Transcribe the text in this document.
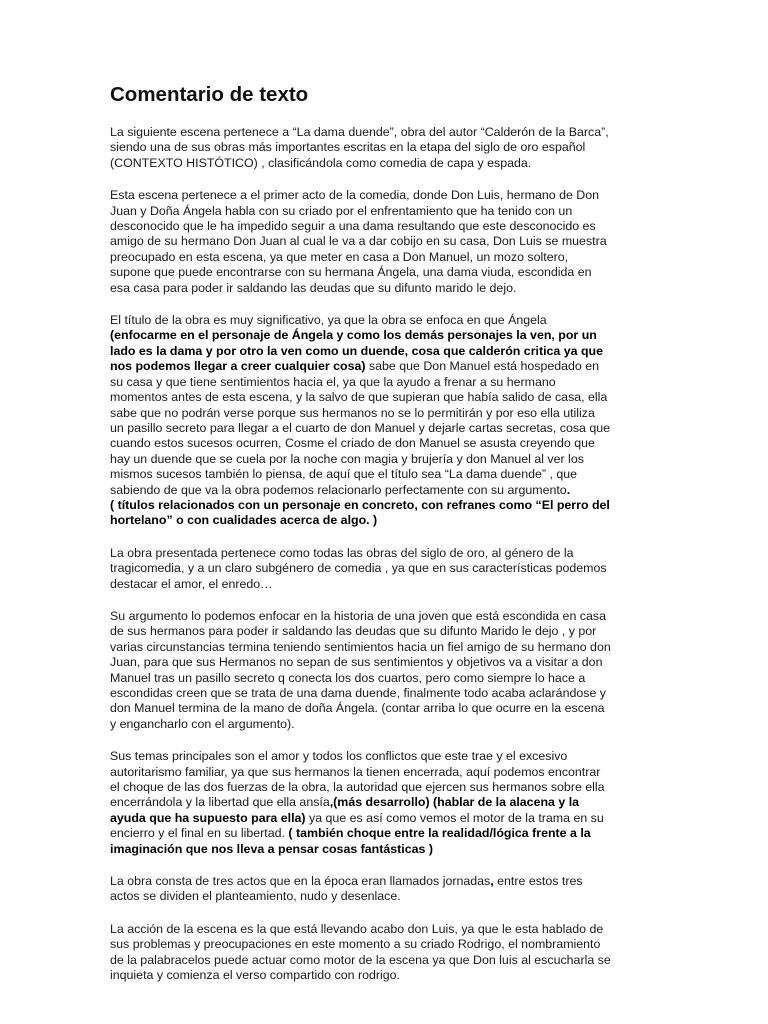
Comentario de texto

La siguiente escena pertenece a “La dama duende”, obra del autor “Calderón de la Barca”,
siendo una de sus obras más importantes escritas en la etapa del siglo de oro español
(CONTEXTO HISTÓTICO) , clasificándola como comedia de capa y espada.

Esta escena pertenece a el primer acto de la comedia, donde Don Luis, hermano de Don
Juan y Doña Ángela habla con su criado por el enfrentamiento que ha tenido con un
desconocido que le ha impedido seguir a una dama resultando que este desconocido es
amigo de su hermano Don Juan al cual le va a dar cobijo en su casa, Don Luis se muestra
preocupado en esta escena, ya que meter en casa a Don Manuel, un mozo soltero,
supone que puede encontrarse con su hermana Ángela, una dama viuda, escondida en
esa casa para poder ir saldando las deudas que su difunto marido le dejo.

El título de la obra es muy significativo, ya que la obra se enfoca en que Ángela
(enfocarme en el personaje de Ángela y como los demás personajes la ven, por un
lado es la dama y por otro la ven como un duende, cosa que calderón critica ya que
nos podemos llegar a creer cualquier cosa) sabe que Don Manuel está hospedado en
su casa y que tiene sentimientos hacia el, ya que la ayudo a frenar a su hermano
momentos antes de esta escena, y la salvo de que supieran que había salido de casa, ella
sabe que no podrán verse porque sus hermanos no se lo permitirán y por eso ella utiliza
un pasillo secreto para llegar a el cuarto de don Manuel y dejarle cartas secretas, cosa que
cuando estos sucesos ocurren, Cosme el criado de don Manuel se asusta creyendo que
hay un duende que se cuela por la noche con magia y brujería y don Manuel al ver los
mismos sucesos también lo piensa, de aquí que el título sea “La dama duende” , que
sabiendo de que va la obra podemos relacionarlo perfectamente con su argumento.
( títulos relacionados con un personaje en concreto, con refranes como “El perro del
hortelano” o con cualidades acerca de algo. )

La obra presentada pertenece como todas las obras del siglo de oro, al género de la
tragicomedia, y a un claro subgénero de comedia , ya que en sus características podemos
destacar el amor, el enredo…

Su argumento lo podemos enfocar en la historia de una joven que está escondida en casa
de sus hermanos para poder ir saldando las deudas que su difunto Marido le dejo , y por
varias circunstancias termina teniendo sentimientos hacia un fiel amigo de su hermano don
Juan, para que sus Hermanos no sepan de sus sentimientos y objetivos va a visitar a don
Manuel tras un pasillo secreto q conecta los dos cuartos, pero como siempre lo hace a
escondidas creen que se trata de una dama duende, finalmente todo acaba aclarándose y
don Manuel termina de la mano de doña Ángela. (contar arriba lo que ocurre en la escena
y engancharlo con el argumento).

Sus temas principales son el amor y todos los conflictos que este trae y el excesivo
autoritarismo familiar, ya que sus hermanos la tienen encerrada, aquí podemos encontrar
el choque de las dos fuerzas de la obra, la autoridad que ejercen sus hermanos sobre ella
encerrándola y la libertad que ella ansía,(más desarrollo) (hablar de la alacena y la
ayuda que ha supuesto para ella) ya que es así como vemos el motor de la trama en su
encierro y el final en su libertad. ( también choque entre la realidad/lógica frente a la
imaginación que nos lleva a pensar cosas fantásticas )

La obra consta de tres actos que en la época eran llamados jornadas, entre estos tres
actos se dividen el planteamiento, nudo y desenlace.

La acción de la escena es la que está llevando acabo don Luis, ya que le esta hablado de
sus problemas y preocupaciones en este momento a su criado Rodrigo, el nombramiento
de la palabracelos puede actuar como motor de la escena ya que Don luis al escucharla se
inquieta y comienza el verso compartido con rodrigo.
